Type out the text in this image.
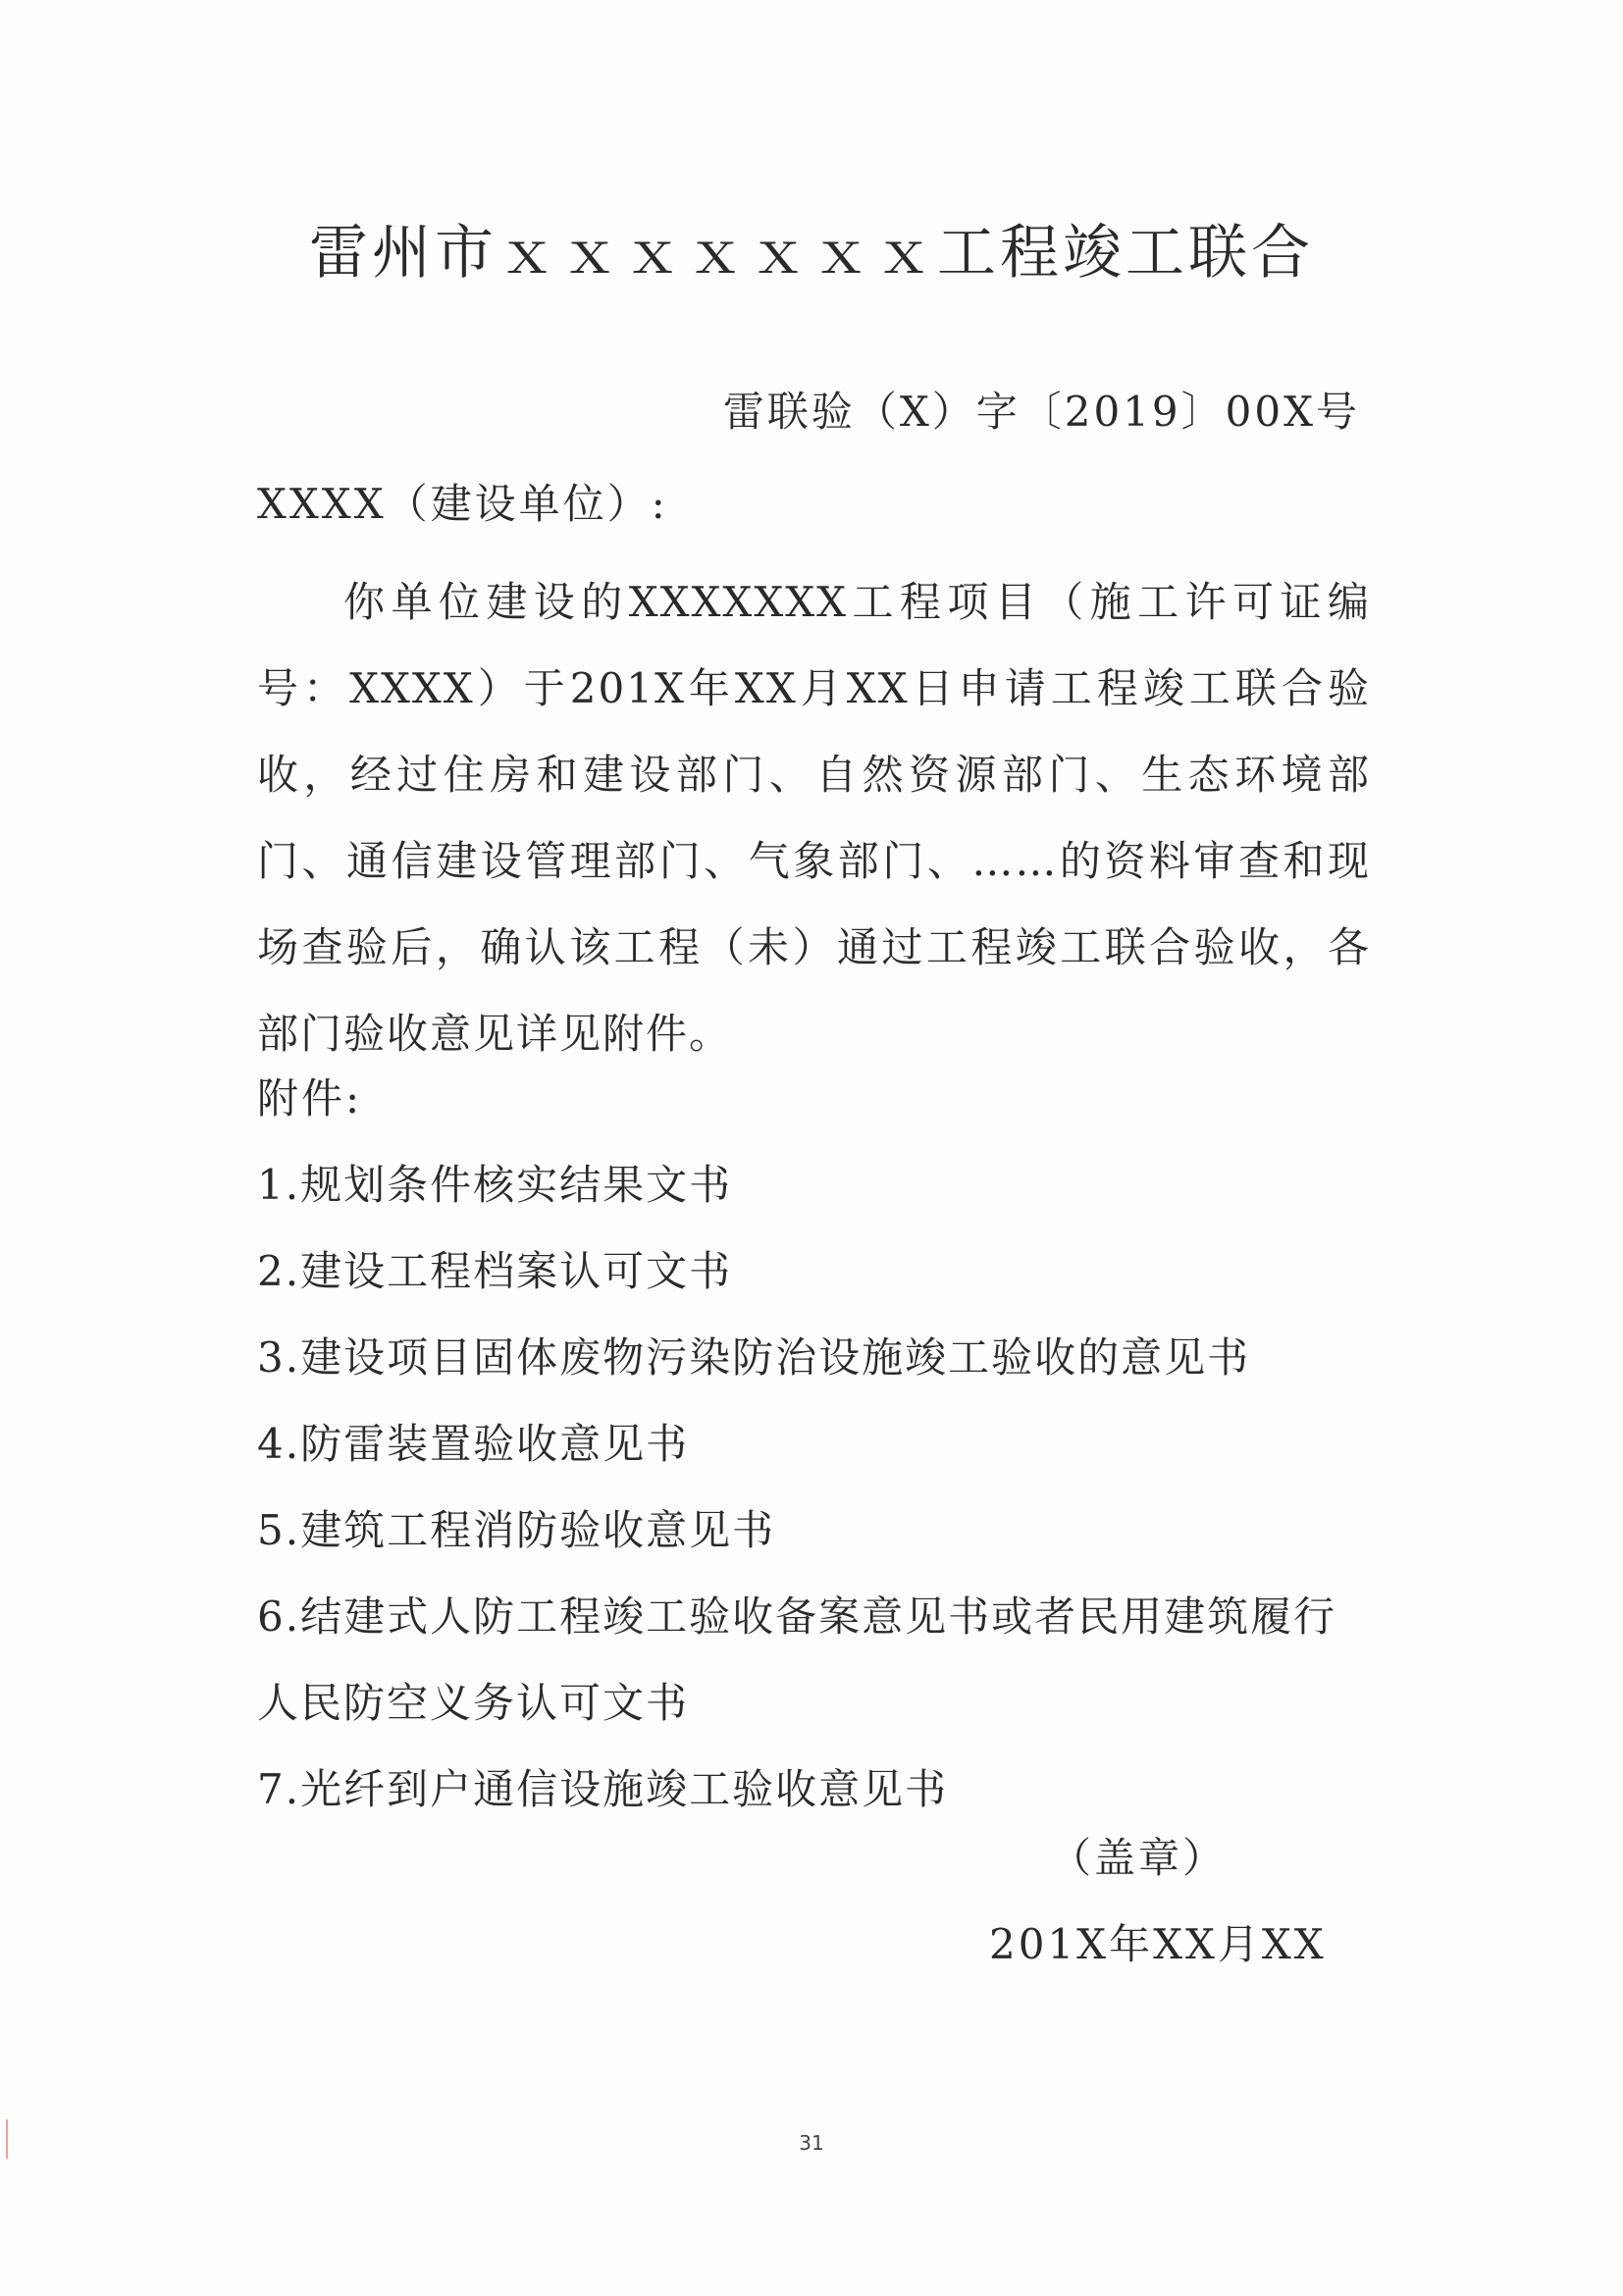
雷州市ｘｘｘｘｘｘｘ工程竣工联合
雷联验（X）字〔2019〕00X号
XXXX（建设单位）:
你单位建设的XXXXXXX工程项目（施工许可证编号：XXXX）于201X年XX月XX日申请工程竣工联合验收，经过住房和建设部门、自然资源部门、生态环境部门、通信建设管理部门、气象部门、……的资料审查和现场查验后，确认该工程（未）通过工程竣工联合验收，各部门验收意见详见附件。
附件:
1.规划条件核实结果文书
2.建设工程档案认可文书
3.建设项目固体废物污染防治设施竣工验收的意见书
4.防雷装置验收意见书
5.建筑工程消防验收意见书
6.结建式人防工程竣工验收备案意见书或者民用建筑履行人民防空义务认可文书
7.光纤到户通信设施竣工验收意见书
（盖章）
201X年XX月XX
31
